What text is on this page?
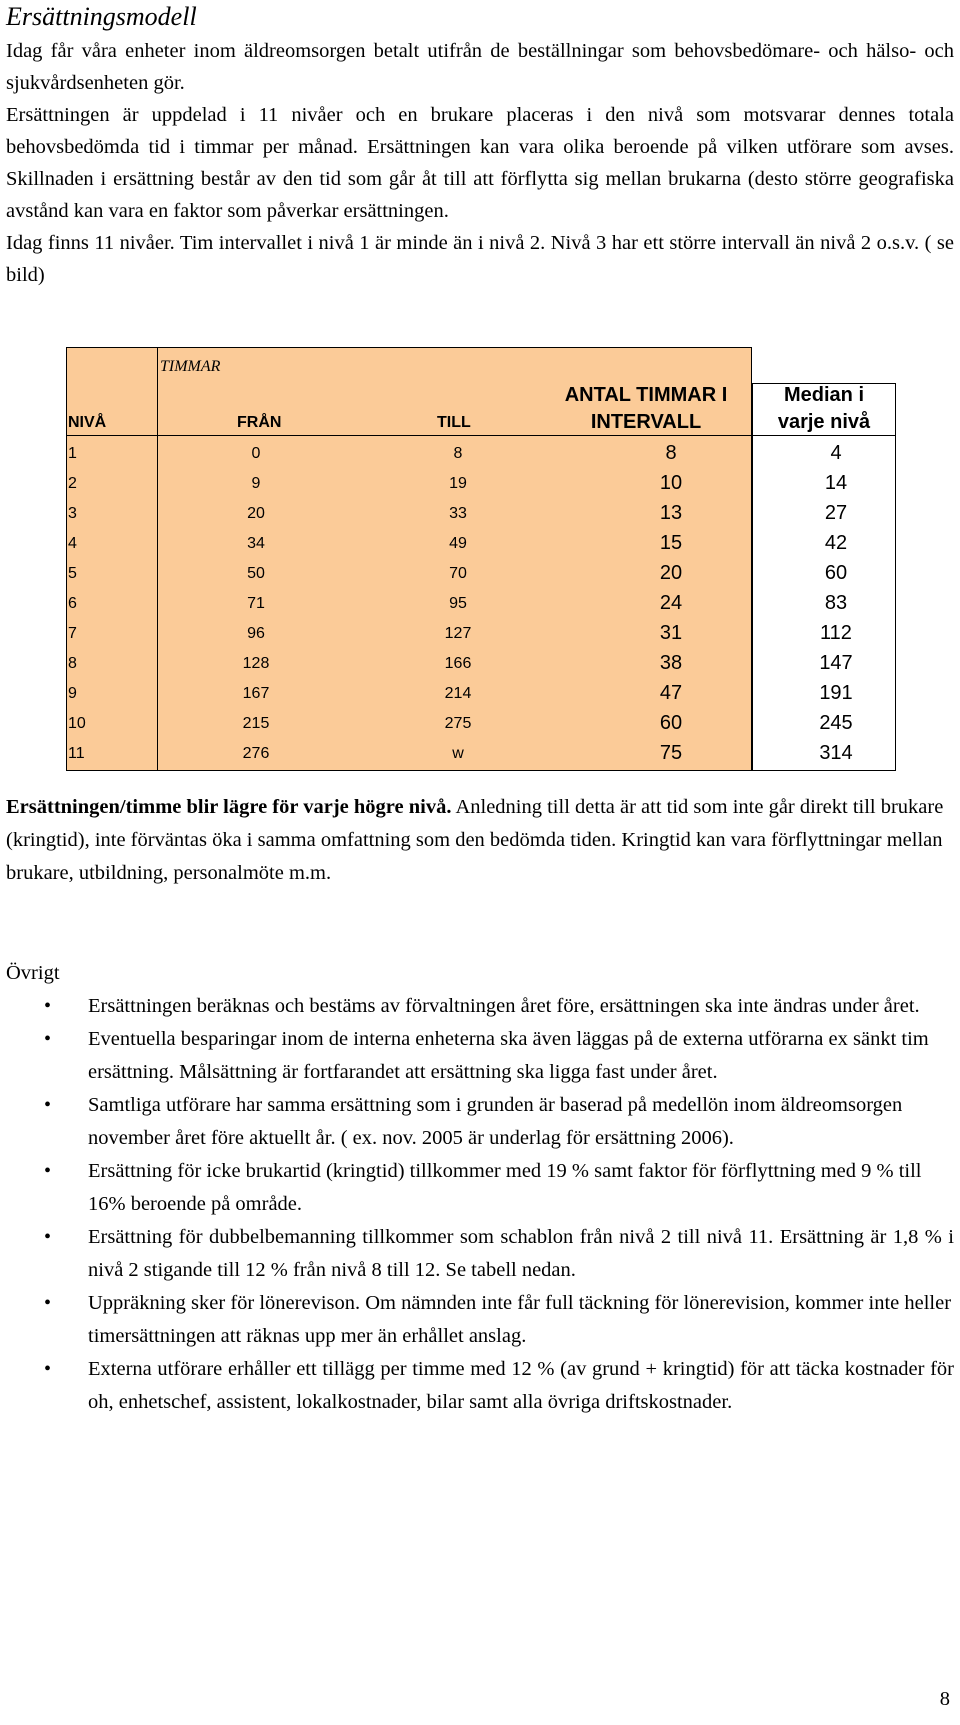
Ersättningsmodell

Idag får våra enheter inom äldreomsorgen betalt utifrån de beställningar som behovsbedömare- och hälso- och sjukvårdsenheten gör.

Ersättningen är uppdelad i 11 nivåer och en brukare placeras i den nivå som motsvarar dennes totala behovsbedömda tid i timmar per månad. Ersättningen kan vara olika beroende på vilken utförare som avses. Skillnaden i ersättning består av den tid som går åt till att förflytta sig mellan brukarna (desto större geografiska avstånd kan vara en faktor som påverkar ersättningen.

Idag finns 11 nivåer. Tim intervallet i nivå 1 är minde än i nivå 2. Nivå 3 har ett större intervall än nivå 2 o.s.v. ( se bild)

TIMMAR
NIVÅ	FRÅN	TILL
ANTAL TIMMAR I
INTERVALL
Median i
varje nivå
1	0	8	8	4
2	9	19	10	14
3	20	33	13	27
4	34	49	15	42
5	50	70	20	60
6	71	95	24	83
7	96	127	31	112
8	128	166	38	147
9	167	214	47	191
10	215	275	60	245
11	276	w	75	314

Ersättningen/timme blir lägre för varje högre nivå. Anledning till detta är att tid som inte går direkt till brukare (kringtid), inte förväntas öka i samma omfattning som den bedömda tiden. Kringtid kan vara förflyttningar mellan brukare, utbildning, personalmöte m.m.

Övrigt

• Ersättningen beräknas och bestäms av förvaltningen året före, ersättningen ska inte ändras under året.
• Eventuella besparingar inom de interna enheterna ska även läggas på de externa utförarna ex sänkt tim ersättning. Målsättning är fortfarandet att ersättning ska ligga fast under året.
• Samtliga utförare har samma ersättning som i grunden är baserad på medellön inom äldreomsorgen november året före aktuellt år. ( ex. nov. 2005 är underlag för ersättning 2006).
• Ersättning för icke brukartid (kringtid) tillkommer med 19 % samt faktor för förflyttning med 9 % till 16% beroende på område.
• Ersättning för dubbelbemanning tillkommer som schablon från nivå 2 till nivå 11. Ersättning är 1,8 % i nivå 2 stigande till 12 % från nivå 8 till 12. Se tabell nedan.
• Uppräkning sker för lönerevison. Om nämnden inte får full täckning för lönerevision, kommer inte heller timersättningen att räknas upp mer än erhållet anslag.
• Externa utförare erhåller ett tillägg per timme med 12 % (av grund + kringtid) för att täcka kostnader för oh, enhetschef, assistent, lokalkostnader, bilar samt alla övriga driftskostnader.
8
